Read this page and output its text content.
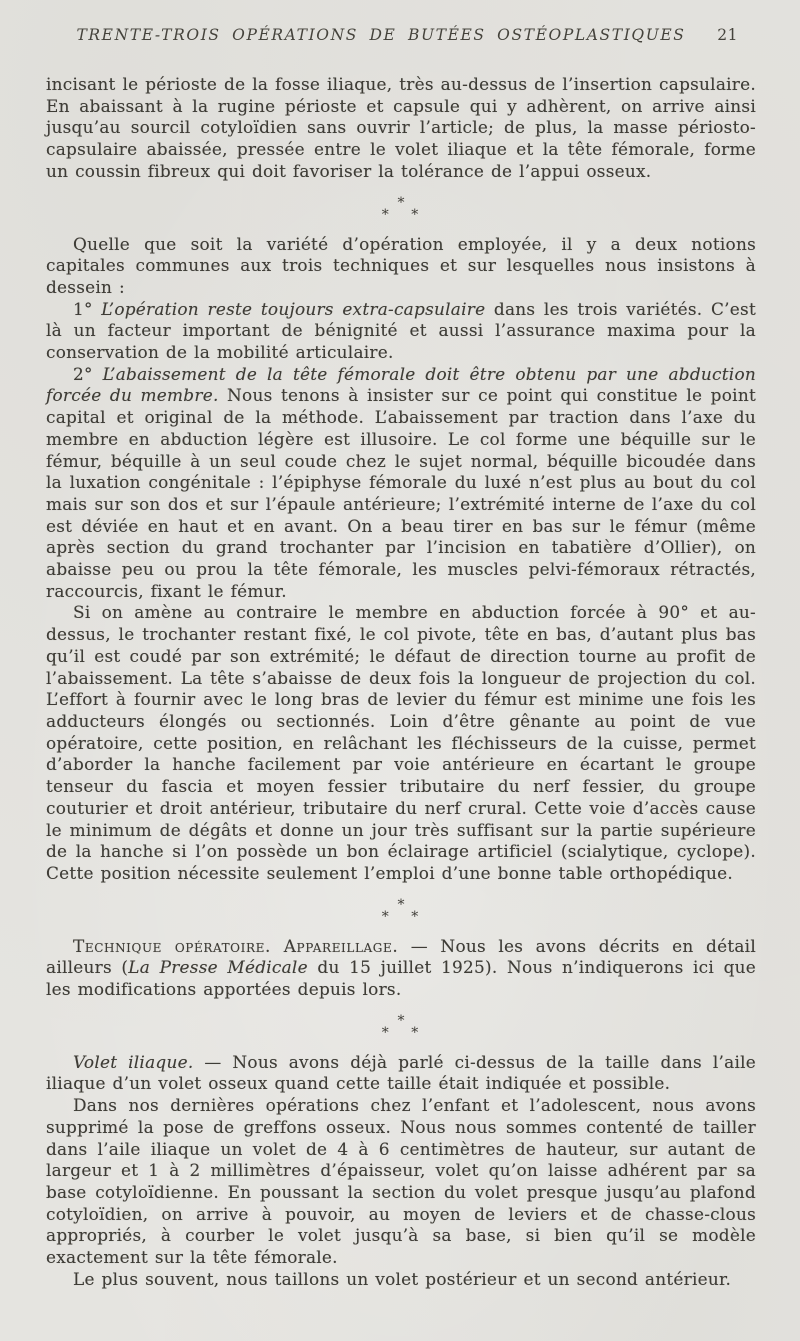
TRENTE-TROIS OPÉRATIONS DE BUTÉES OSTÉOPLASTIQUES	21

incisant le périoste de la fosse iliaque, très au-dessus de l’insertion capsulaire. En abaissant à la rugine périoste et capsule qui y adhèrent, on arrive ainsi jusqu’au sourcil cotyloïdien sans ouvrir l’article; de plus, la masse périosto-capsulaire abaissée, pressée entre le volet iliaque et la tête fémorale, forme un coussin fibreux qui doit favoriser la tolérance de l’appui osseux.

*
* *

Quelle que soit la variété d’opération employée, il y a deux notions capitales communes aux trois techniques et sur lesquelles nous insistons à dessein :

1° L’opération reste toujours extra-capsulaire dans les trois variétés. C’est là un facteur important de bénignité et aussi l’assurance maxima pour la conservation de la mobilité articulaire.

2° L’abaissement de la tête fémorale doit être obtenu par une abduction forcée du membre. Nous tenons à insister sur ce point qui constitue le point capital et original de la méthode. L’abaissement par traction dans l’axe du membre en abduction légère est illusoire. Le col forme une béquille sur le fémur, béquille à un seul coude chez le sujet normal, béquille bicoudée dans la luxation congénitale : l’épiphyse fémorale du luxé n’est plus au bout du col mais sur son dos et sur l’épaule antérieure; l’extrémité interne de l’axe du col est déviée en haut et en avant. On a beau tirer en bas sur le fémur (même après section du grand trochanter par l’incision en tabatière d’Ollier), on abaisse peu ou prou la tête fémorale, les muscles pelvi-fémoraux rétractés, raccourcis, fixant le fémur.

Si on amène au contraire le membre en abduction forcée à 90° et au-dessus, le trochanter restant fixé, le col pivote, tête en bas, d’autant plus bas qu’il est coudé par son extrémité; le défaut de direction tourne au profit de l’abaissement. La tête s’abaisse de deux fois la longueur de projection du col. L’effort à fournir avec le long bras de levier du fémur est minime une fois les adducteurs élongés ou sectionnés. Loin d’être gênante au point de vue opératoire, cette position, en relâchant les fléchisseurs de la cuisse, permet d’aborder la hanche facilement par voie antérieure en écartant le groupe tenseur du fascia et moyen fessier tributaire du nerf fessier, du groupe couturier et droit antérieur, tributaire du nerf crural. Cette voie d’accès cause le minimum de dégâts et donne un jour très suffisant sur la partie supérieure de la hanche si l’on possède un bon éclairage artificiel (scialytique, cyclope). Cette position nécessite seulement l’emploi d’une bonne table orthopédique.

*
* *

Technique opératoire. Appareillage. — Nous les avons décrits en détail ailleurs (La Presse Médicale du 15 juillet 1925). Nous n’indiquerons ici que les modifications apportées depuis lors.

*
* *

Volet iliaque. — Nous avons déjà parlé ci-dessus de la taille dans l’aile iliaque d’un volet osseux quand cette taille était indiquée et possible.

Dans nos dernières opérations chez l’enfant et l’adolescent, nous avons supprimé la pose de greffons osseux. Nous nous sommes contenté de tailler dans l’aile iliaque un volet de 4 à 6 centimètres de hauteur, sur autant de largeur et 1 à 2 millimètres d’épaisseur, volet qu’on laisse adhérent par sa base cotyloïdienne. En poussant la section du volet presque jusqu’au plafond cotyloïdien, on arrive à pouvoir, au moyen de leviers et de chasse-clous appropriés, à courber le volet jusqu’à sa base, si bien qu’il se modèle exactement sur la tête fémorale.

Le plus souvent, nous taillons un volet postérieur et un second antérieur.
